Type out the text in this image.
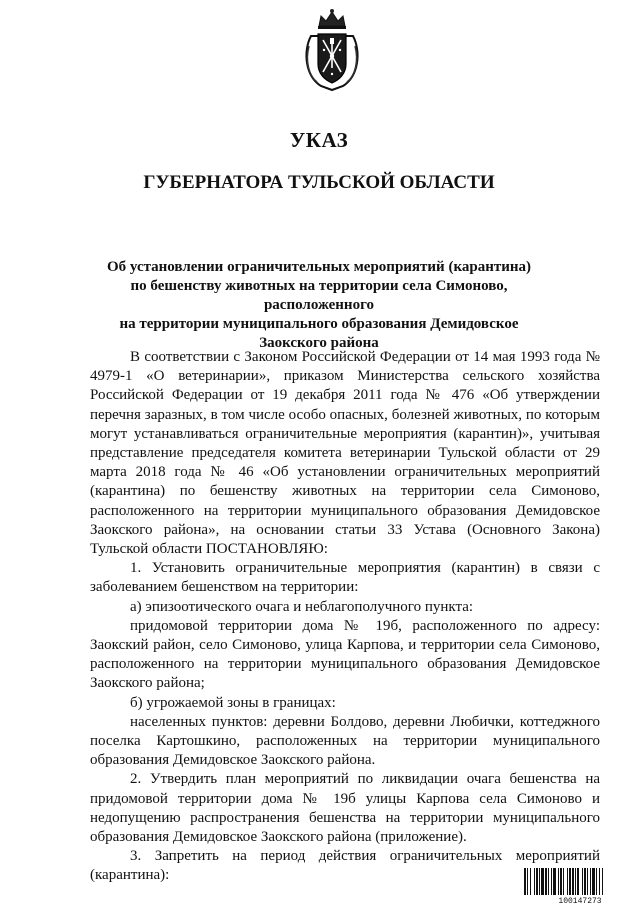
УКАЗ
ГУБЕРНАТОРА ТУЛЬСКОЙ ОБЛАСТИ
Об установлении ограничительных мероприятий (карантина)
по бешенству животных на территории села Симоново, расположенного
на территории муниципального образования Демидовское
Заокского района

В соответствии с Законом Российской Федерации от 14 мая 1993 года № 4979-1 «О ветеринарии», приказом Министерства сельского хозяйства Российской Федерации от 19 декабря 2011 года № 476 «Об утверждении перечня заразных, в том числе особо опасных, болезней животных, по которым могут устанавливаться ограничительные мероприятия (карантин)», учитывая представление председателя комитета ветеринарии Тульской области от 29 марта 2018 года № 46 «Об установлении ограничительных мероприятий (карантина) по бешенству животных на территории села Симоново, расположенного на территории муниципального образования Демидовское Заокского района», на основании статьи 33 Устава (Основного Закона) Тульской области ПОСТАНОВЛЯЮ:

1. Установить ограничительные мероприятия (карантин) в связи с заболеванием бешенством на территории:

а) эпизоотического очага и неблагополучного пункта:

придомовой территории дома № 19б, расположенного по адресу: Заокский район, село Симоново, улица Карпова, и территории села Симоново, расположенного на территории муниципального образования Демидовское Заокского района;

б) угрожаемой зоны в границах:

населенных пунктов: деревни Болдово, деревни Любички, коттеджного поселка Картошкино, расположенных на территории муниципального образования Демидовское Заокского района.

2. Утвердить план мероприятий по ликвидации очага бешенства на придомовой территории дома № 19б улицы Карпова села Симоново и недопущению распространения бешенства на территории муниципального образования Демидовское Заокского района (приложение).

3. Запретить на период действия ограничительных мероприятий (карантина):

100147273
